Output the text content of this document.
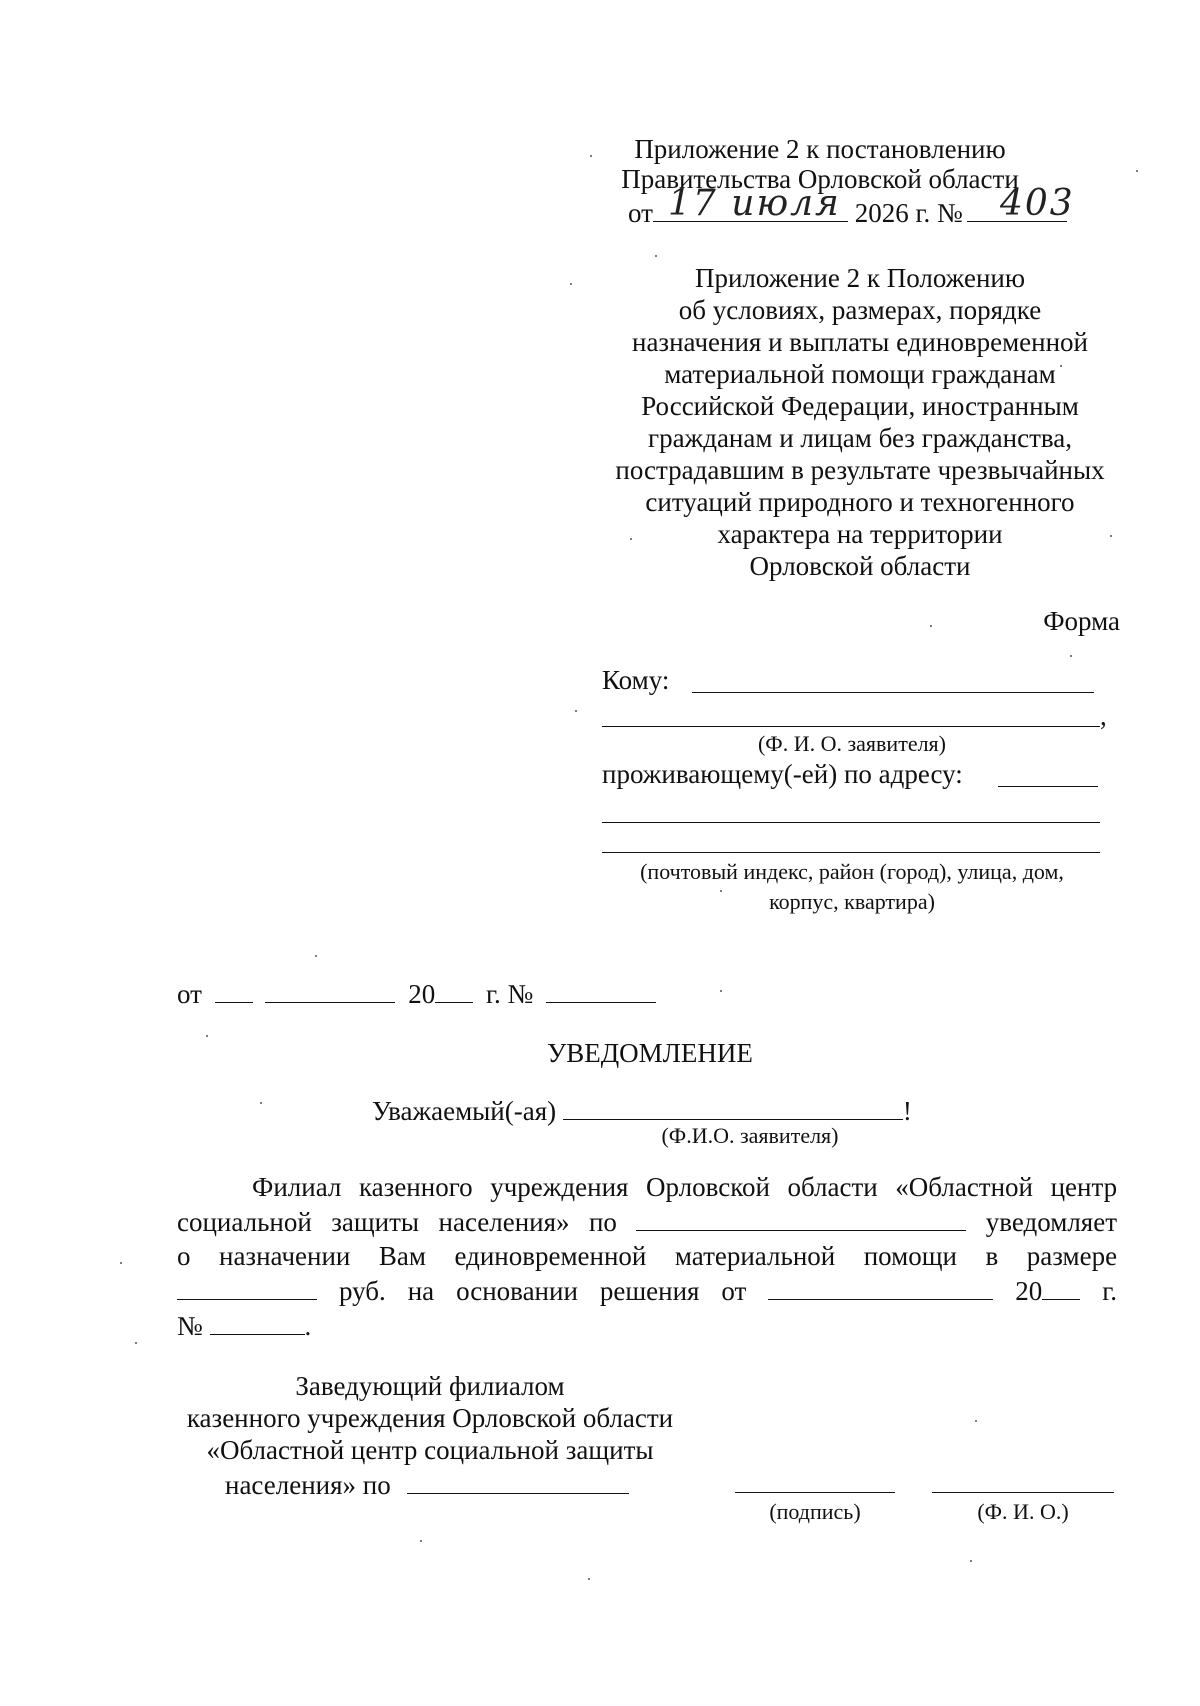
Приложение 2 к постановлению
Правительства Орловской области
от	2026 г. №
17 июля	403
Приложение 2 к Положению
об условиях, размерах, порядке
назначения и выплаты единовременной
материальной помощи гражданам
Российской Федерации, иностранным
гражданам и лицам без гражданства,
пострадавшим в результате чрезвычайных
ситуаций природного и техногенного
характера на территории
Орловской области
Форма
Кому:
,
(Ф. И. О. заявителя)
проживающему(-ей) по адресу:
(почтовый индекс, район (город), улица, дом,
корпус, квартира)
от	20 г. №
УВЕДОМЛЕНИЕ
Уважаемый(-ая)	!
(Ф.И.О. заявителя)
Филиал казенного учреждения Орловской области «Областной центр
социальной защиты населения» по	уведомляет
о назначении Вам единовременной материальной помощи в размере
руб. на основании решения от	20 г.
№	.
Заведующий филиалом
казенного учреждения Орловской области
«Областной центр социальной защиты
населения» по
(подпись)	(Ф. И. О.)
